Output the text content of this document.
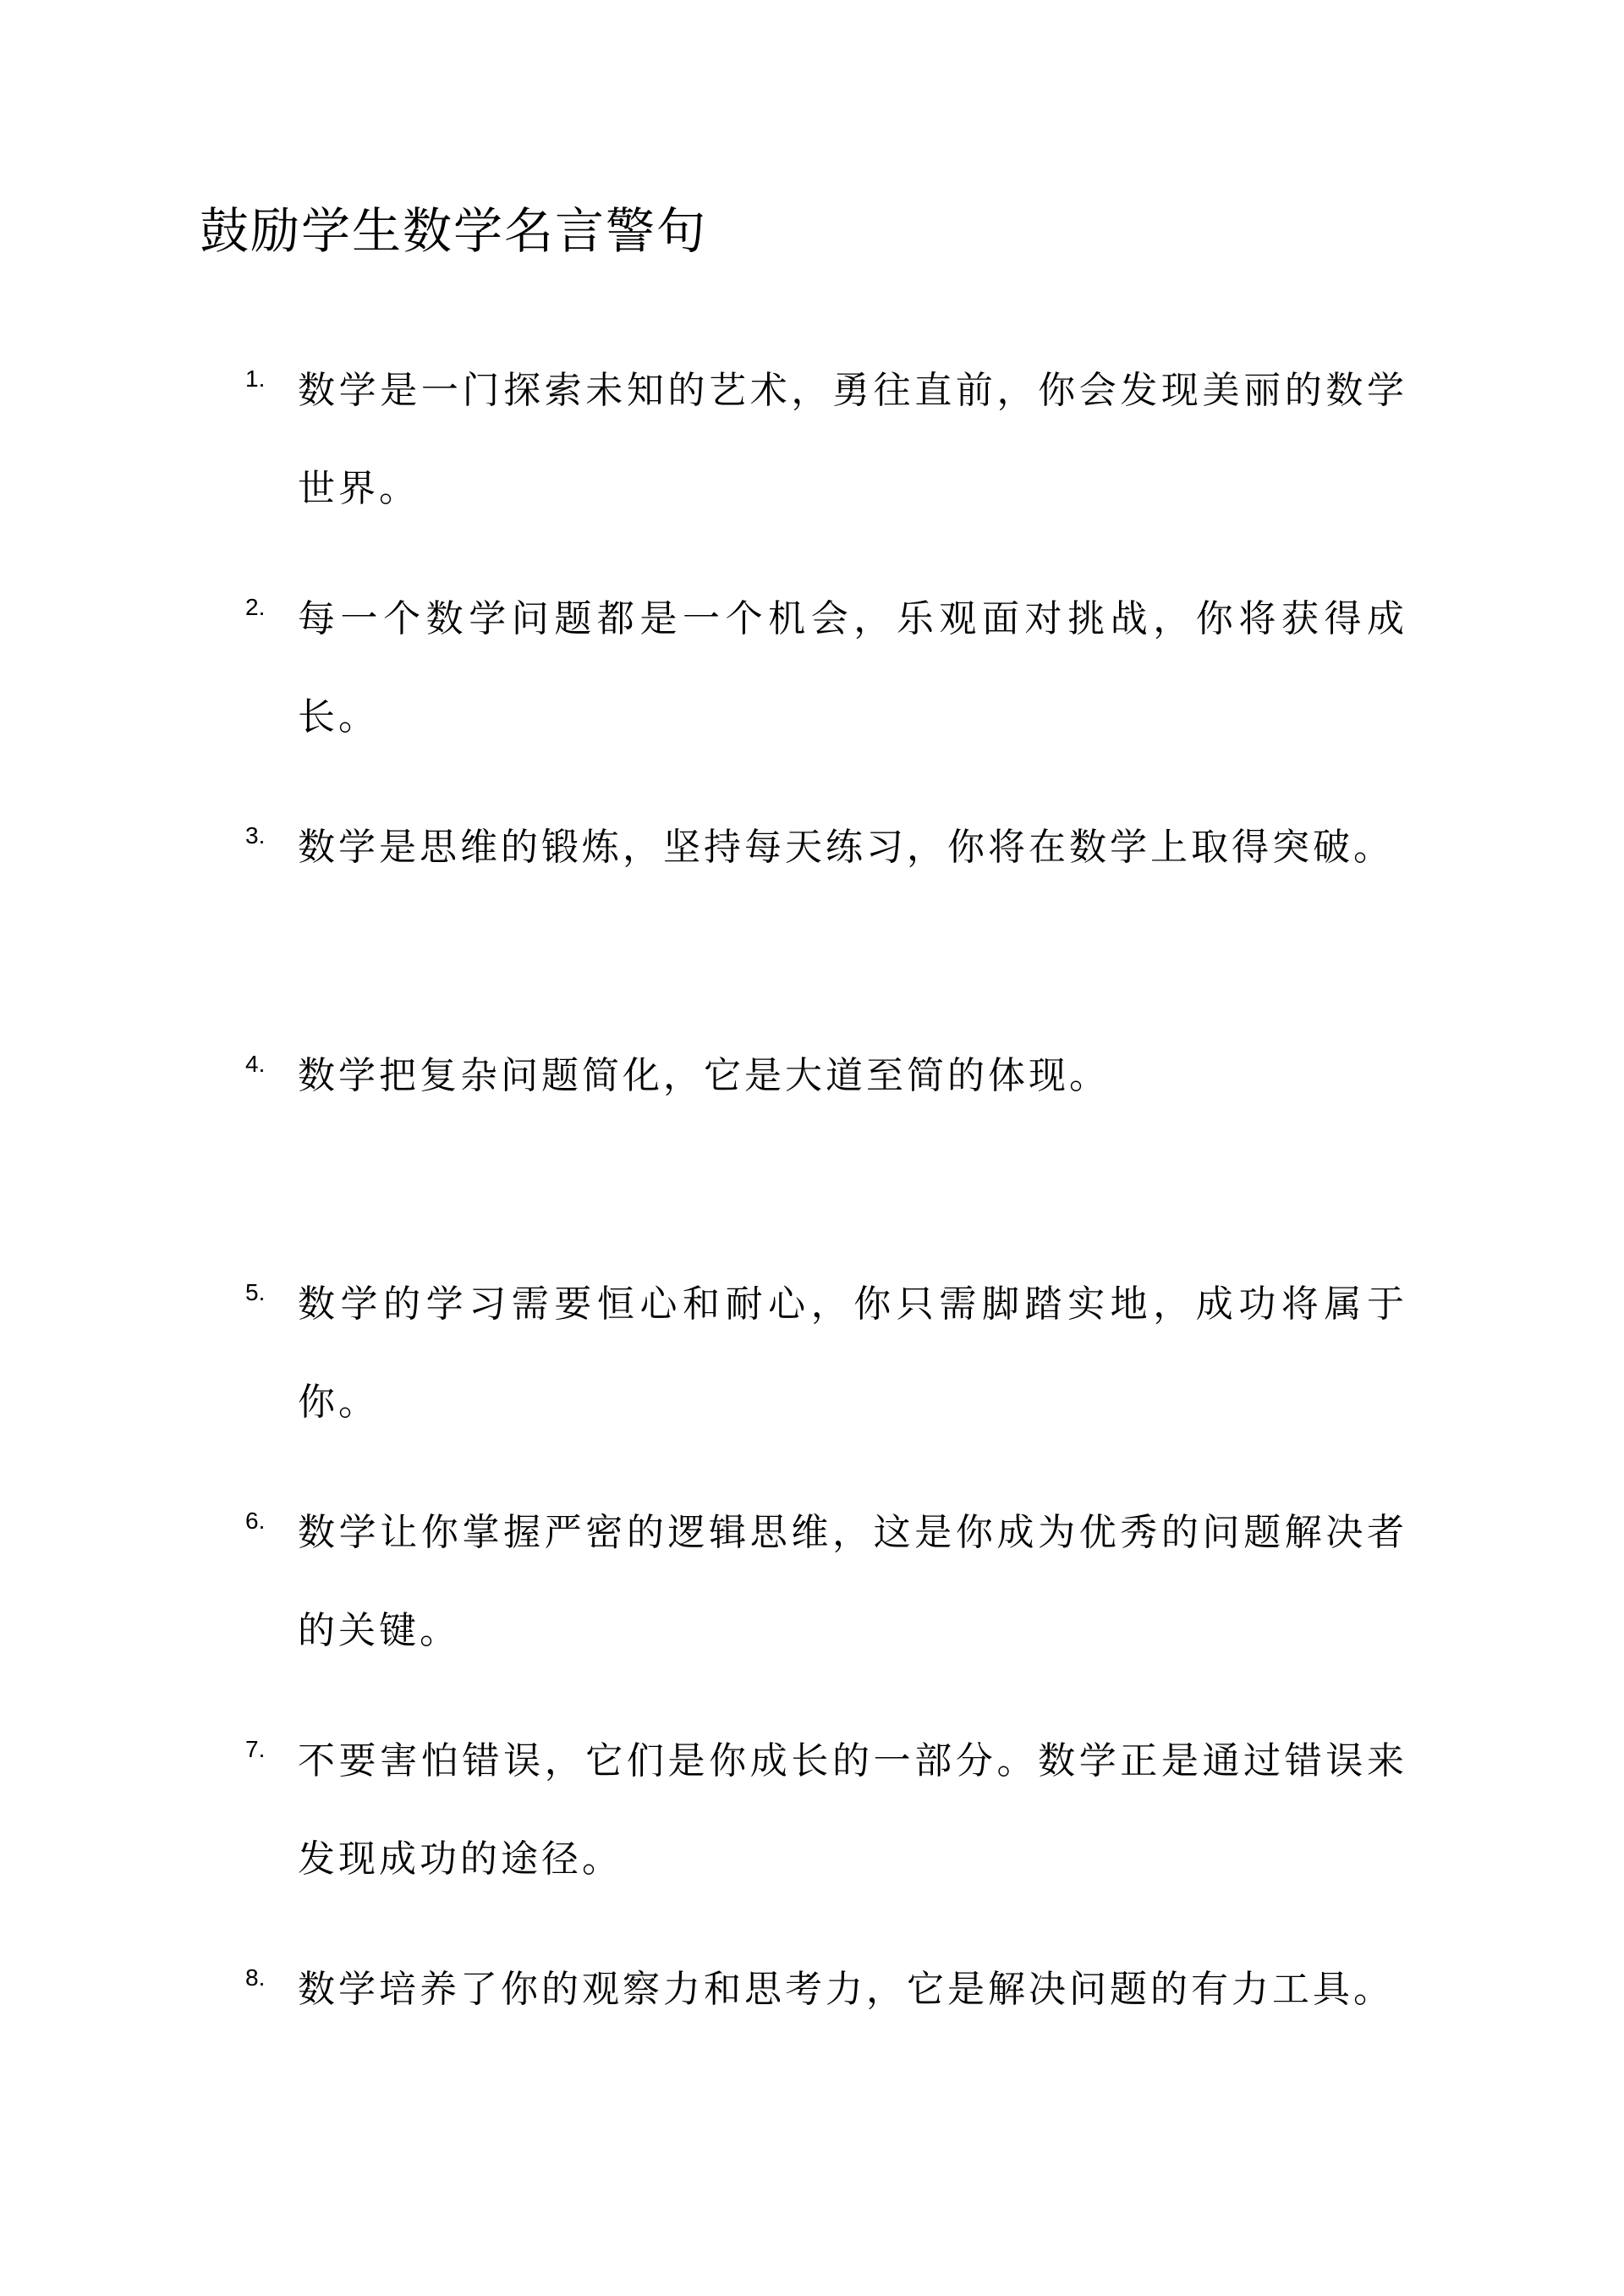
鼓励学生数学名言警句
1. 数学是一门探索未知的艺术，勇往直前，你会发现美丽的数学世界。

2. 每一个数学问题都是一个机会，乐观面对挑战，你将获得成长。

3. 数学是思维的锻炼，坚持每天练习，你将在数学上取得突破。

4. 数学把复杂问题简化，它是大道至简的体现。

5. 数学的学习需要恒心和耐心，你只需脚踏实地，成功将属于你。

6. 数学让你掌握严密的逻辑思维，这是你成为优秀的问题解决者的关键。

7. 不要害怕错误，它们是你成长的一部分。数学正是通过错误来发现成功的途径。

8. 数学培养了你的观察力和思考力，它是解决问题的有力工具。
